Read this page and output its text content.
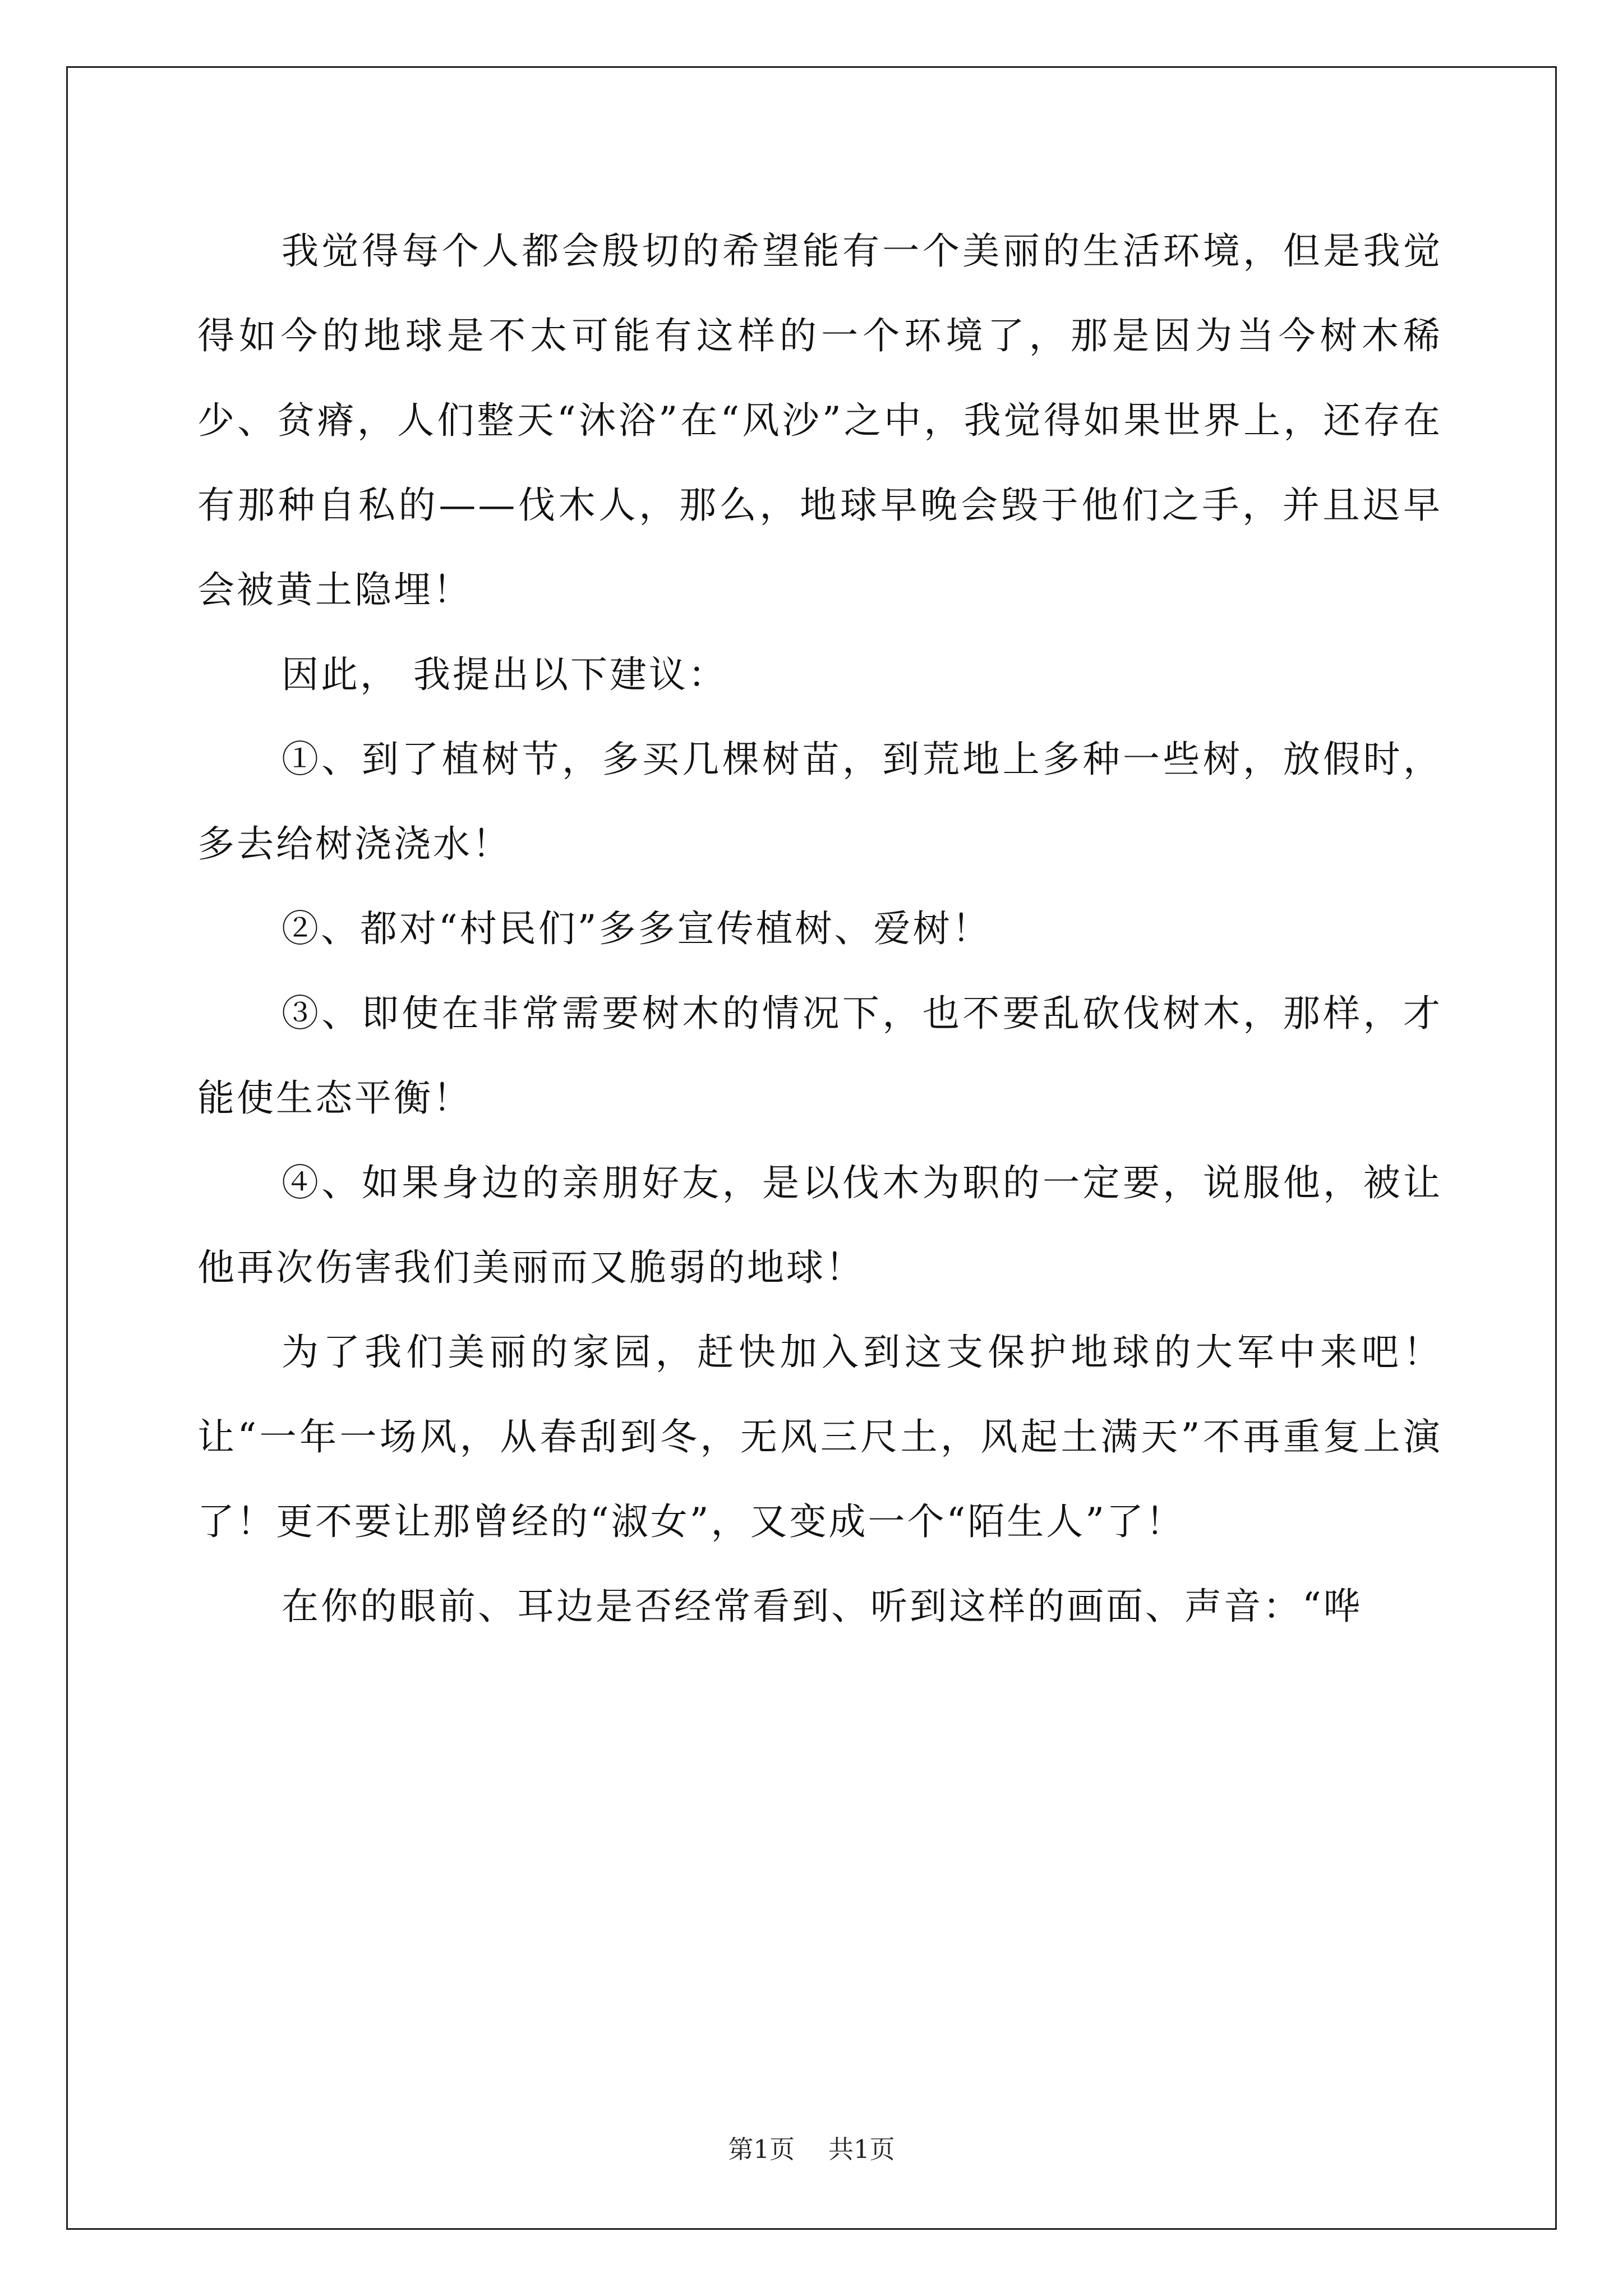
我觉得每个人都会殷切的希望能有一个美丽的生活环境，但是我觉得如今的地球是不太可能有这样的一个环境了，那是因为当今树木稀少、贫瘠，人们整天“沐浴”在“风沙”之中，我觉得如果世界上，还存在有那种自私的——伐木人，那么，地球早晚会毁于他们之手，并且迟早会被黄土隐埋！

因此， 我提出以下建议：

①、到了植树节，多买几棵树苗，到荒地上多种一些树，放假时，多去给树浇浇水！

②、都对“村民们”多多宣传植树、爱树！

③、即使在非常需要树木的情况下，也不要乱砍伐树木，那样，才能使生态平衡！

④、如果身边的亲朋好友，是以伐木为职的一定要，说服他，被让他再次伤害我们美丽而又脆弱的地球！

为了我们美丽的家园，赶快加入到这支保护地球的大军中来吧！让“一年一场风，从春刮到冬，无风三尺土，风起土满天”不再重复上演了！更不要让那曾经的“淑女”，又变成一个“陌生人”了！

在你的眼前、耳边是否经常看到、听到这样的画面、声音：“哗

第1页 共1页
